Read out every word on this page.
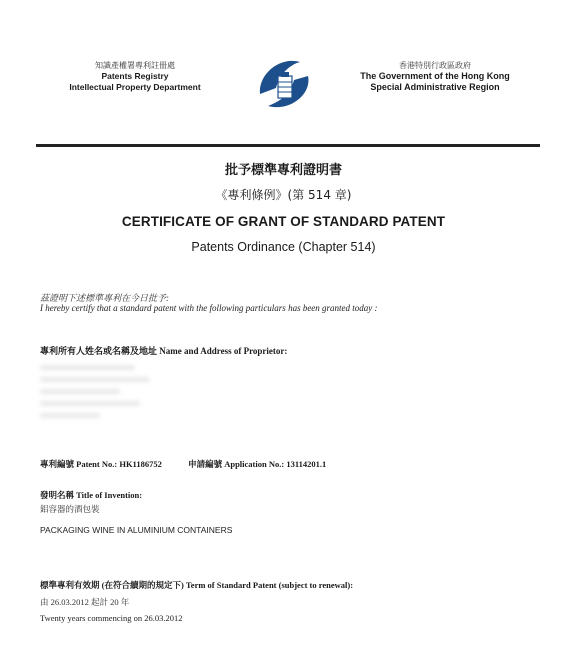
知識產權署專利註冊處
Patents Registry
Intellectual Property Department
香港特別行政區政府
The Government of the Hong Kong
Special Administrative Region
批予標準專利證明書
《專利條例》(第 514 章)
CERTIFICATE OF GRANT OF STANDARD PATENT
Patents Ordinance (Chapter 514)
茲證明下述標準專利在今日批予:
I hereby certify that a standard patent with the following particulars has been granted today :
專利所有人姓名或名稱及地址 Name and Address of Proprietor:
專利編號 Patent No.: HK1186752	申請編號 Application No.: 13114201.1
發明名稱 Title of Invention:
鋁容器的酒包裝
PACKAGING WINE IN ALUMINIUM CONTAINERS
標準專利有效期 (在符合續期的規定下) Term of Standard Patent (subject to renewal):
由 26.03.2012 起計 20 年
Twenty years commencing on 26.03.2012
